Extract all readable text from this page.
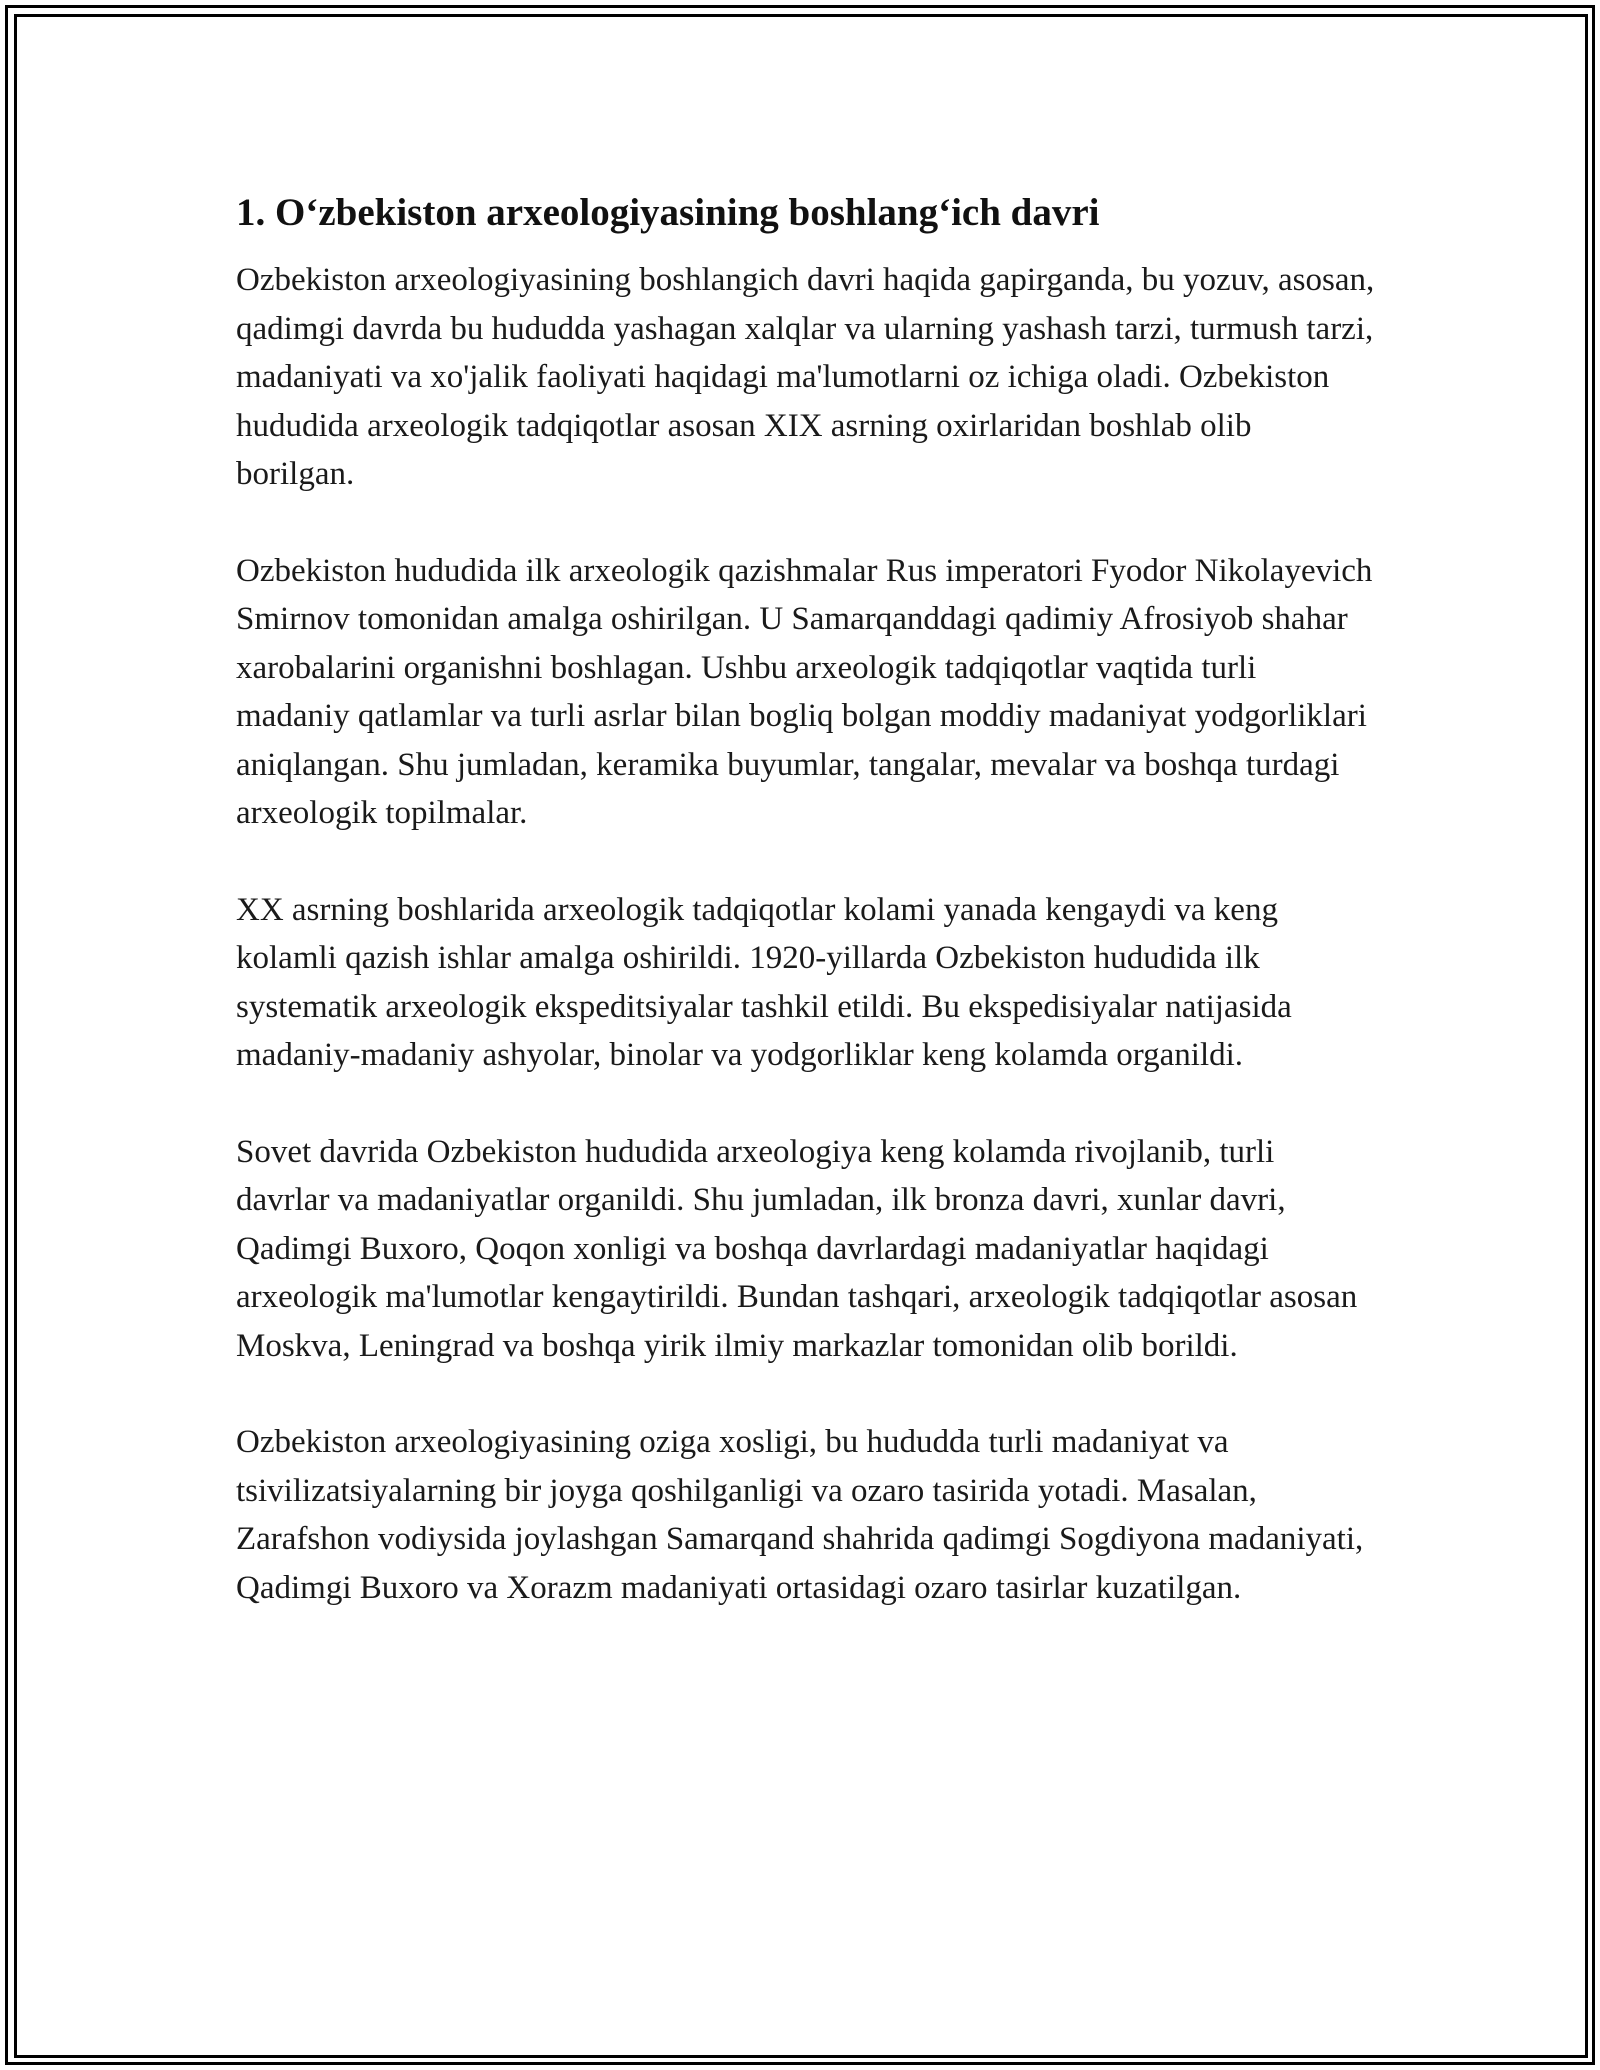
1. O‘zbekiston arxeologiyasining boshlang‘ich davri

Ozbekiston arxeologiyasining boshlangich davri haqida gapirganda, bu yozuv, asosan, qadimgi davrda bu hududda yashagan xalqlar va ularning yashash tarzi, turmush tarzi, madaniyati va xo'jalik faoliyati haqidagi ma'lumotlarni oz ichiga oladi. Ozbekiston hududida arxeologik tadqiqotlar asosan XIX asrning oxirlaridan boshlab olib borilgan.

Ozbekiston hududida ilk arxeologik qazishmalar Rus imperatori Fyodor Nikolayevich Smirnov tomonidan amalga oshirilgan. U Samarqanddagi qadimiy Afrosiyob shahar xarobalarini organishni boshlagan. Ushbu arxeologik tadqiqotlar vaqtida turli madaniy qatlamlar va turli asrlar bilan bogliq bolgan moddiy madaniyat yodgorliklari aniqlangan. Shu jumladan, keramika buyumlar, tangalar, mevalar va boshqa turdagi arxeologik topilmalar.

XX asrning boshlarida arxeologik tadqiqotlar kolami yanada kengaydi va keng kolamli qazish ishlar amalga oshirildi. 1920-yillarda Ozbekiston hududida ilk systematik arxeologik ekspeditsiyalar tashkil etildi. Bu ekspedisiyalar natijasida madaniy-madaniy ashyolar, binolar va yodgorliklar keng kolamda organildi.

Sovet davrida Ozbekiston hududida arxeologiya keng kolamda rivojlanib, turli davrlar va madaniyatlar organildi. Shu jumladan, ilk bronza davri, xunlar davri, Qadimgi Buxoro, Qoqon xonligi va boshqa davrlardagi madaniyatlar haqidagi arxeologik ma'lumotlar kengaytirildi. Bundan tashqari, arxeologik tadqiqotlar asosan Moskva, Leningrad va boshqa yirik ilmiy markazlar tomonidan olib borildi.

Ozbekiston arxeologiyasining oziga xosligi, bu hududda turli madaniyat va tsivilizatsiyalarning bir joyga qoshilganligi va ozaro tasirida yotadi. Masalan, Zarafshon vodiysida joylashgan Samarqand shahrida qadimgi Sogdiyona madaniyati, Qadimgi Buxoro va Xorazm madaniyati ortasidagi ozaro tasirlar kuzatilgan.
